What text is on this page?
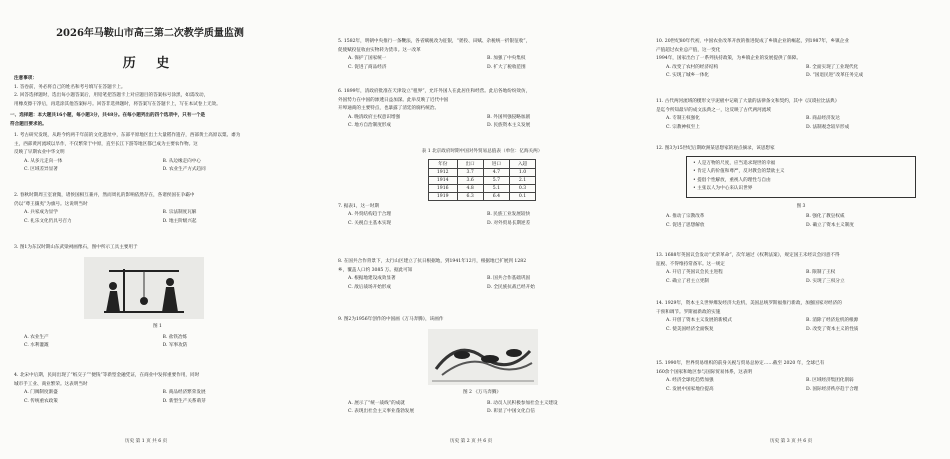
2026年马鞍山市高三第二次教学质量监测

历 史

注意事项：

1. 答卷前，务必将自己的姓名和考号填写在答题卡上。

2. 回答选择题时，选出每小题答案后，用铅笔把答题卡上对应题目的答案标号涂黑，如需改动，

用橡皮擦干净后，再选涂其他答案标号。回答非选择题时，将答案写在答题卡上，写在本试卷上无效。

一、选择题：本大题共16小题，每小题3分，共48分。在每小题列出的四个选项中，只有一个是

符合题目要求的。

1. 考古研究发现，从距今约两千年前的文化遗址中，东部平原地区出土大量稻作遗存，西部黄土高原以粟、黍为

主，西部黄河流域以旱作，不仅繁荣于中原，直至长江下游等地区都已成为主要农作物。这

反映了早期农业中华文明

A. 从多元走向一体	B. 从边缘走向中心

C. 区域差异显著	D. 农业生产方式趋同

2. 春秋时期周王室衰微，诸侯国相互兼并，然而周礼的影响依然存在，各诸侯国在争霸中

仍以“尊王攘夷”为旗号。这说明当时

A. 兵家成为显学	B. 宗法制度瓦解

C. 礼乐文化仍具号召力	D. 地主阶级兴起

3. 图1为东汉时期山东武梁祠画像石，图中所示工具主要用于

图 1

A. 农业生产	B. 盐铁冶炼

C. 水利灌溉	D. 军事攻防

4. 北宋中后期，民间出现了“纸交子”“便钱”等新型金融凭证，在商业中发挥重要作用，同时

城市手工业、商业繁荣。这表明当时

A. 门阀制度渐盛	B. 商品经济繁荣发展

C. 传统重农政策	D. 新型生产关系萌芽

历史 第 1 页 共 6 页

5. 1582年，明朝中央推行一条鞭法，各省赋税改为征银，“徭役、田赋、杂税统一折银征收”，

促使赋役征收由实物转为货币。这一改革

A. 保护了国家统一	B. 加强了中央集权

C. 促进了商品经济	D. 扩大了税收范围

6. 1899年，清政府批准在天津设立“租界”，允许外国人在此居住和经营。此后各地纷纷效仿，

外国势力在中国的渗透日益加深。此举反映了近代中国

开埠通商的主要特点，也暴露了清廷的腐朽统治。

A. 晚清政府主权意识增强	B. 外国列强侵略加剧

C. 地方自治制度形成	D. 民族资本主义发展

表 1 北京政府时期中国对外贸易总值表（单位：亿海关两）

年份	出口	进口	入超
1912	3.7	4.7	1.0
1914	3.6	5.7	2.1
1916	4.8	5.1	0.3
1919	6.3	6.4	0.1

7. 据表1，这一时期

A. 外贸结构趋于合理	B. 民族工业发展较快

C. 关税自主基本实现	D. 对外贸易长期逆差

8. 在国共合作背景下，太行山区建立了抗日根据地，到1941年12月，根据地已扩展到 1282

乡，覆盖人口约 3085 万。据此可知

A. 根据地建设成效显著	B. 国共合作基础巩固

C. 敌后战场开始形成	D. 全民族抗战已经开始

9. 图2为1956年创作的中国画《万马奔腾》，该画作

图 2 《万马奔腾》

A. 展示了“统一战线”的成就	B. 动员人民积极参加社会主义建设

C. 表现出社会主义事业蓬勃发展	D. 彰显了中国文化自信

历史 第 2 页 共 6 页

10. 20世纪80年代初，中国农业改革开放的推进促成了乡镇企业的崛起，到1987年，乡镇企业

产值超过农业总产值，这一变化

1994年，国家出台了一系列扶持政策，为乡镇企业的发展提供了保障。

A. 改变了农村的经济结构	B. 全面实现了工业现代化

C. 实现了城乡一体化	D. “国退民进”改革任务完成

11. 古代两河流域的楔形文字泥板中记载了大量的法律条文和契约，其中《汉谟拉比法典》

是迄今所知最早的成文法典之一，这反映了古代两河流域

A. 专制王权强化	B. 商品经济发达

C. 宗教神权至上	D. 法制观念较早形成

12. 图3为15世纪后期欧洲某思想家的观点摘录，该思想家

• 人是万物的尺度，应当追求现世的幸福

• 肯定人的价值和尊严，反对教会的禁欲主义

• 提倡个性解放，重视人的理性与自由

• 主张以人为中心来认识世界

图 3

A. 推动了宗教改革	B. 强化了教皇权威

C. 促进了思想解放	D. 确立了资本主义制度

13. 1688年英国议会发动“光荣革命”，次年通过《权利法案》，规定国王未经议会同意不得

征税、不得维持常备军。这一规定

A. 开启了英国议会民主进程	B. 限制了王权

C. 确立了君主立宪制	D. 实现了三权分立

14. 1929年，资本主义世界爆发经济大危机，美国总统罗斯福推行新政，加强国家对经济的

干预和调节。罗斯福新政的实施

A. 开创了资本主义发展的新模式	B. 消除了经济危机的根源

C. 使美国经济全面恢复	D. 改变了资本主义的性质

15. 1990年，世界贸易组织的前身关税与贸易总协定……截至 2020 年，全球已有

160余个国家和地区参与国际贸易体系，这表明

A. 经济全球化趋势加强	B. 区域经济集团化削弱

C. 发展中国家地位提高	D. 国际经济秩序趋于合理

历史 第 3 页 共 6 页
